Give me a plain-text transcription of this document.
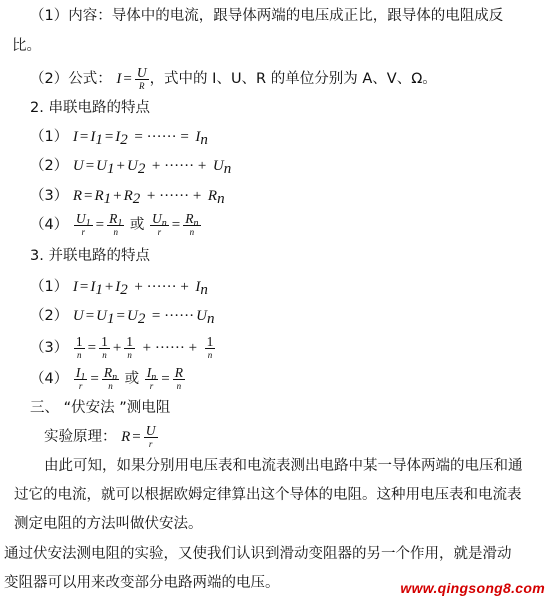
（1）内容：导体中的电流，跟导体两端的电压成正比，跟导体的电阻成反
比。
（2）公式： $I = \frac{U}{R}$ ，式中的 I、U、R 的单位分别为 A、V、Ω。
2. 串联电路的特点
（1） $I = I_1 = I_2$ = ······ = $I_n$
（2） $U = U_1 + U_2$ + ······ + $U_n$
（3） $R = R_1 + R_2$ + ······ + $R_n$
$(4) \frac{U_1}{r} = \frac{R_1}{n}$ 或 $\frac{U_n}{r} = \frac{R_n}{n}$
3. 并联电路的特点
（1） $I = I_1 + I_2$ + ······ + $I_n$
（2） $U = U_1 = U_2$ = ······ $U_n$
$(3) \frac{1}{n} = \frac{1}{n} + \frac{1}{n}$ + ······ + $\frac{1}{n}$
$(4) \frac{I_1}{r} = \frac{R_n}{n}$ 或 $\frac{I_n}{r} = \frac{R}{n}$
三、 “伏安法 ”测电阻
实验原理： $R = \frac{U}{r}$
由此可知，如果分别用电压表和电流表测出电路中某一导体两端的电压和通
过它的电流，就可以根据欧姆定律算出这个导体的电阻。这种用电压表和电流表
测定电阻的方法叫做伏安法。
通过伏安法测电阻的实验，又使我们认识到滑动变阻器的另一个作用，就是滑动
变阻器可以用来改变部分电路两端的电压。	www.qingsong8.com
